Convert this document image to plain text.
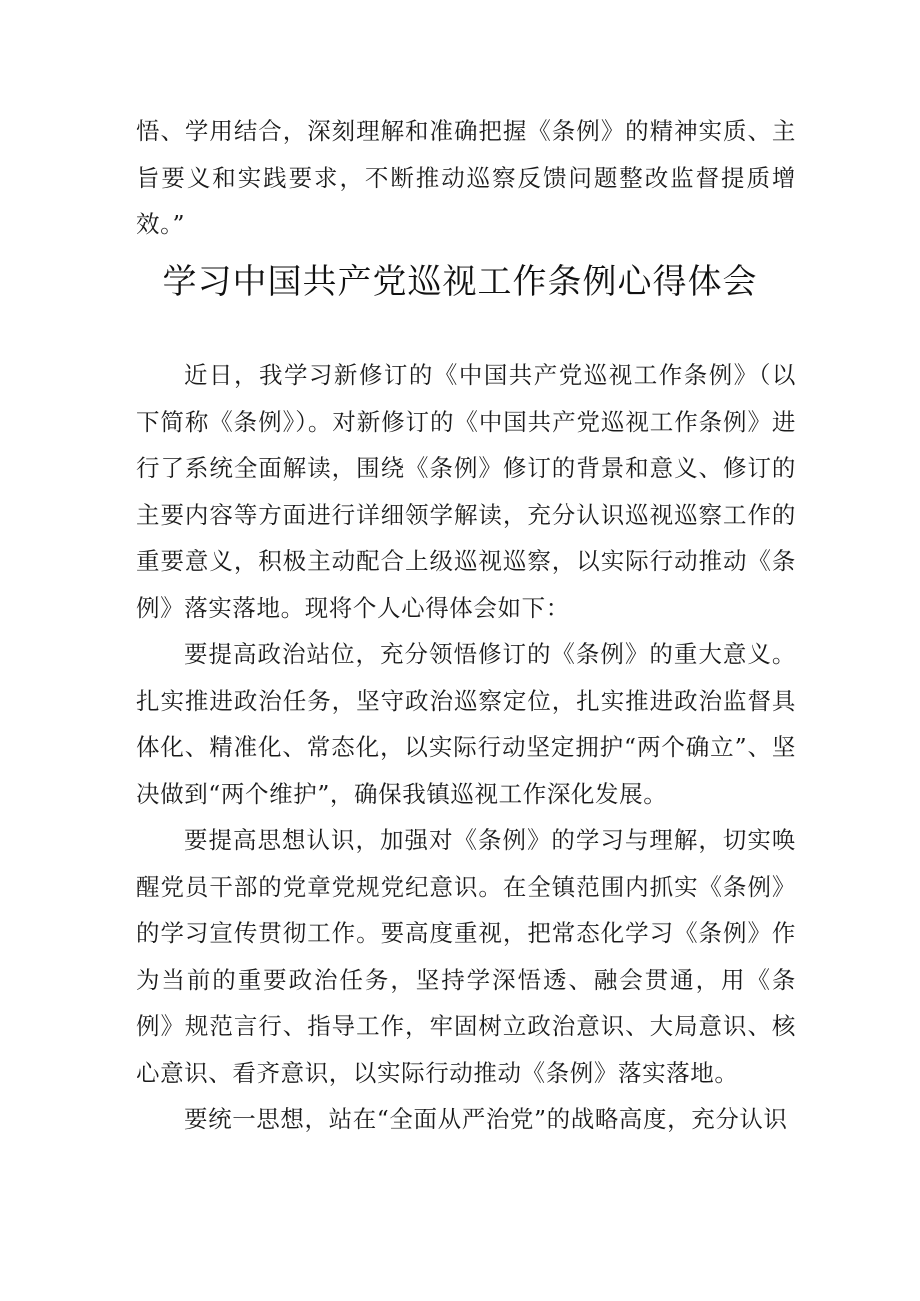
悟、学用结合，深刻理解和准确把握《条例》的精神实质、主旨要义和实践要求，不断推动巡察反馈问题整改监督提质增效。”

学习中国共产党巡视工作条例心得体会

近日，我学习新修订的《中国共产党巡视工作条例》（以下简称《条例》）。对新修订的《中国共产党巡视工作条例》进行了系统全面解读，围绕《条例》修订的背景和意义、修订的主要内容等方面进行详细领学解读，充分认识巡视巡察工作的重要意义，积极主动配合上级巡视巡察，以实际行动推动《条例》落实落地。现将个人心得体会如下：

要提高政治站位，充分领悟修订的《条例》的重大意义。扎实推进政治任务，坚守政治巡察定位，扎实推进政治监督具体化、精准化、常态化，以实际行动坚定拥护“两个确立”、坚决做到“两个维护”，确保我镇巡视工作深化发展。

要提高思想认识，加强对《条例》的学习与理解，切实唤醒党员干部的党章党规党纪意识。在全镇范围内抓实《条例》的学习宣传贯彻工作。要高度重视，把常态化学习《条例》作为当前的重要政治任务，坚持学深悟透、融会贯通，用《条例》规范言行、指导工作，牢固树立政治意识、大局意识、核心意识、看齐意识，以实际行动推动《条例》落实落地。

要统一思想，站在“全面从严治党”的战略高度，充分认识
